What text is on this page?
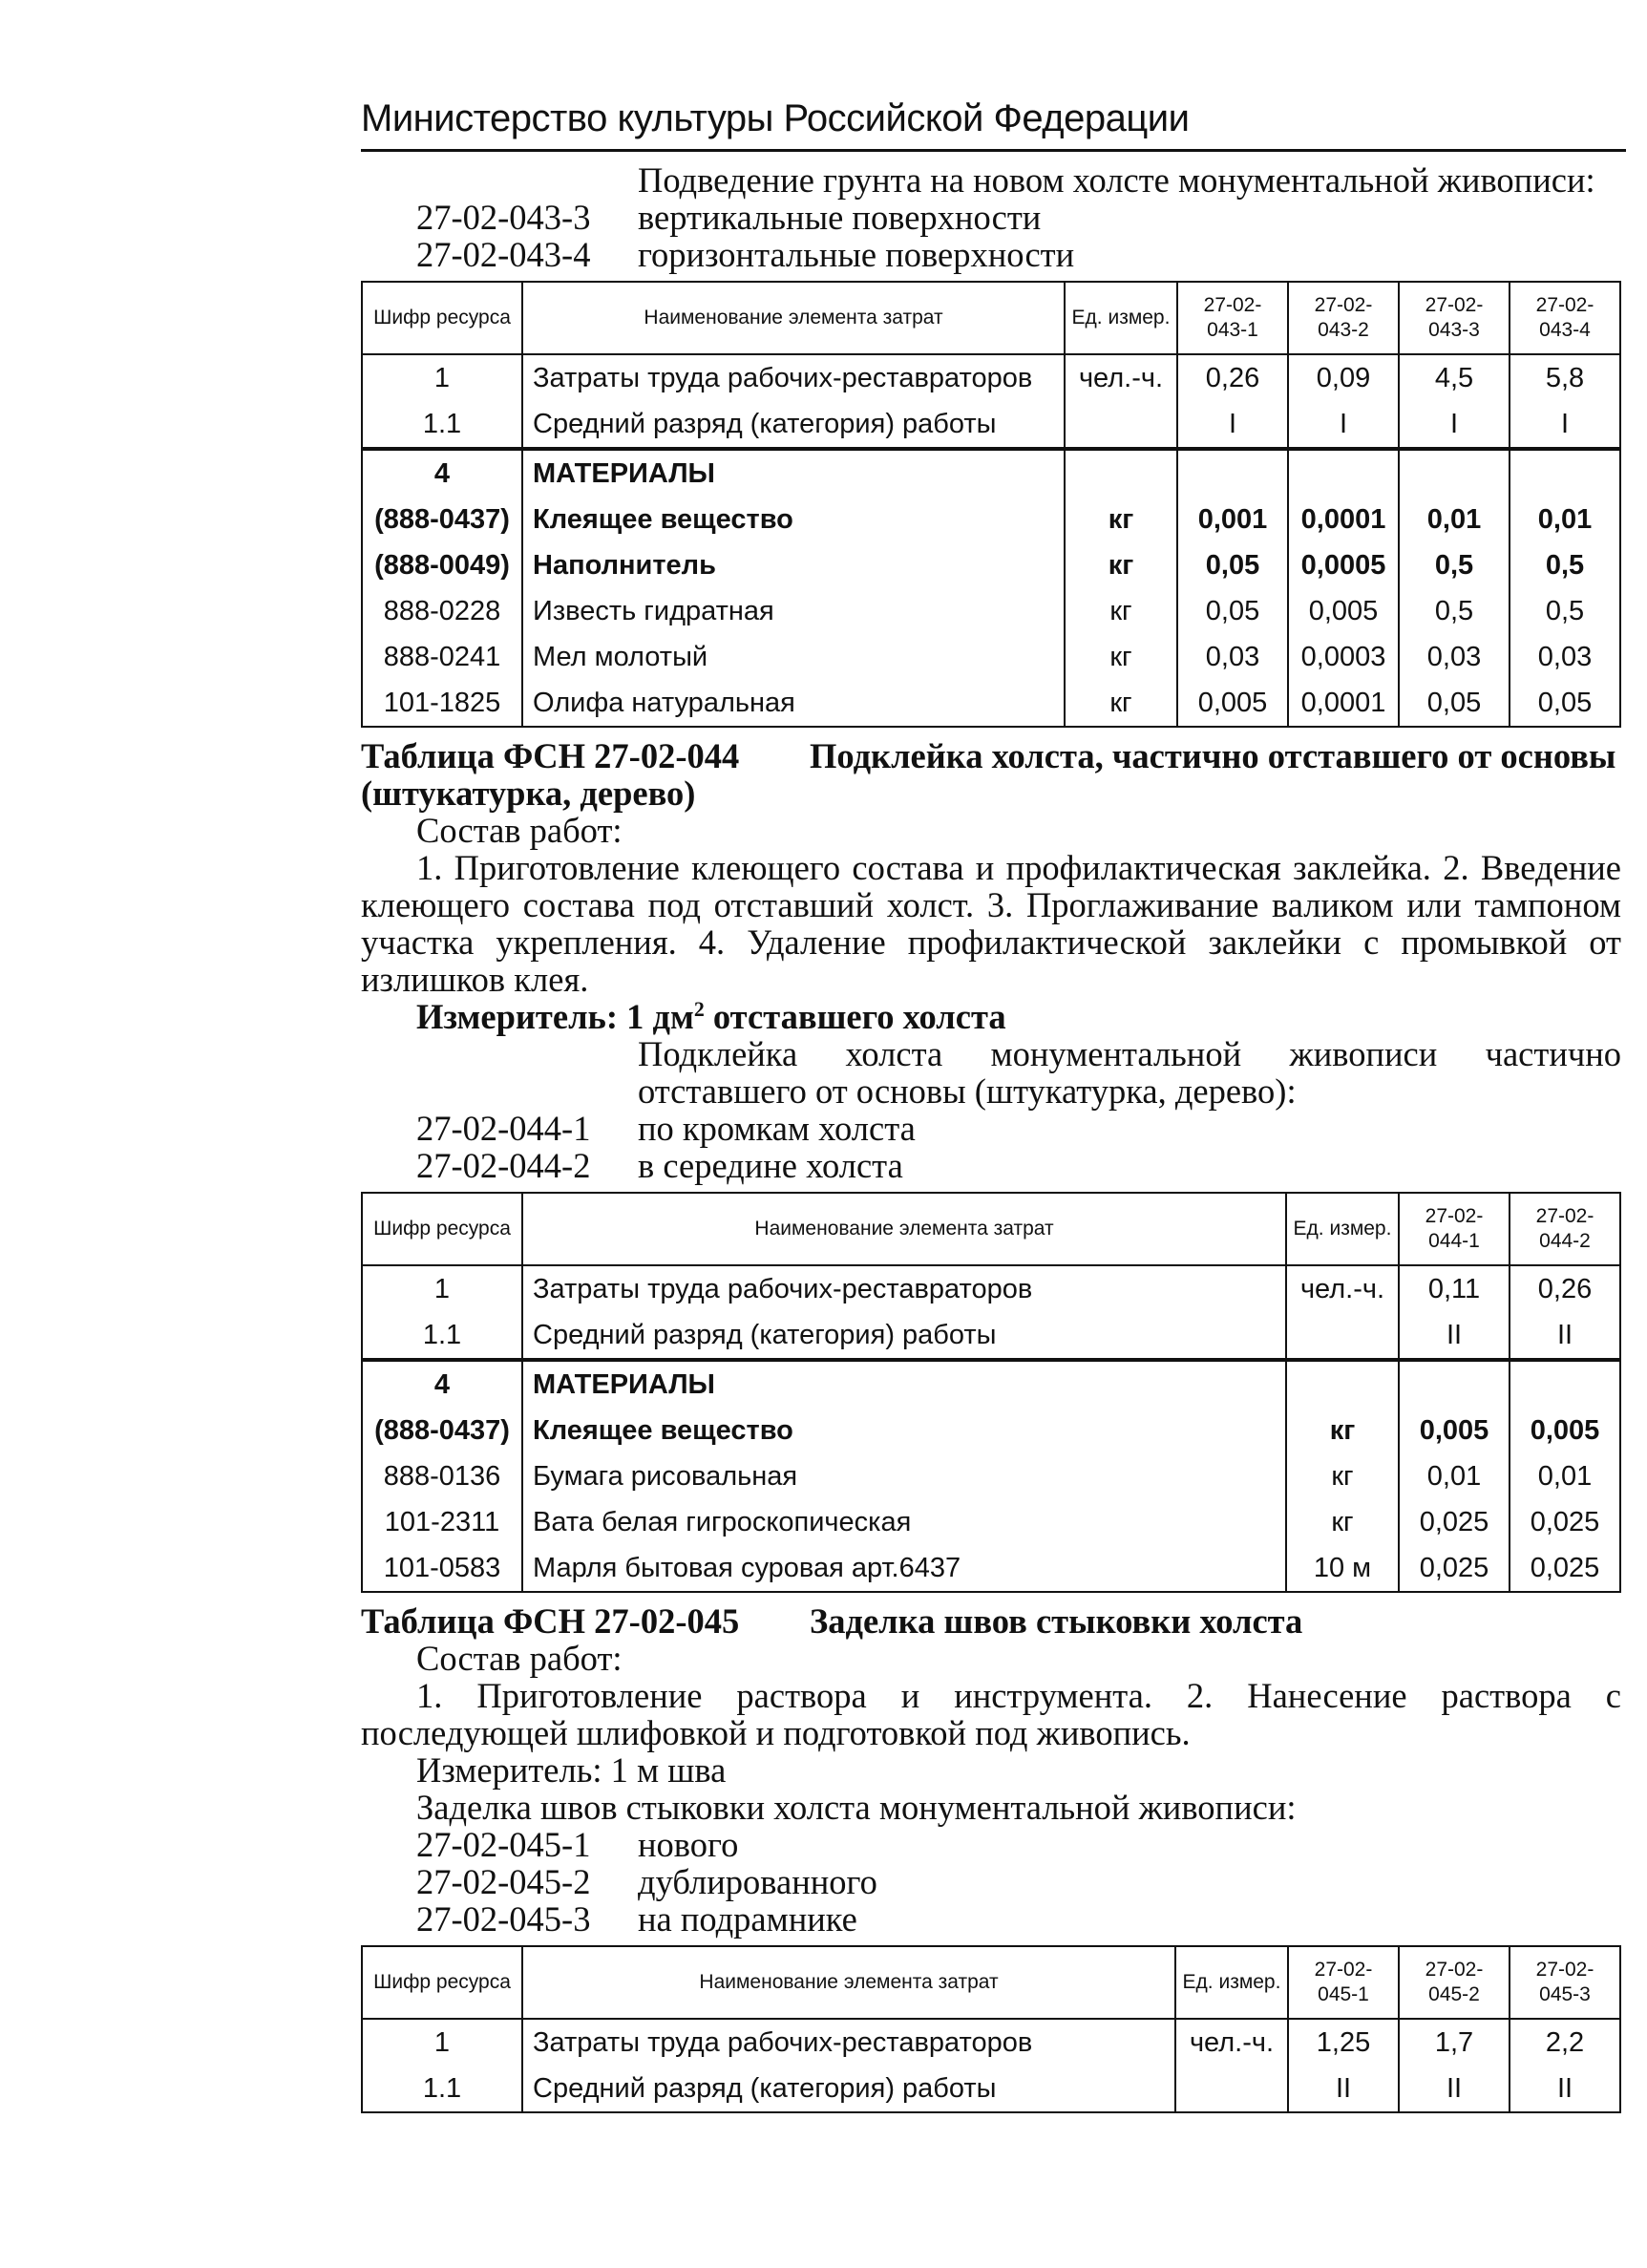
Министерство культуры Российской Федерации
Подведение грунта на новом холсте монументальной живописи:
27-02-043-3	вертикальные поверхности
27-02-043-4	горизонтальные поверхности
Шифр ресурса	Наименование элемента затрат	Ед. измер.	27-02-043-1	27-02-043-2	27-02-043-3	27-02-043-4
1	Затраты труда рабочих-реставраторов	чел.-ч.	0,26	0,09	4,5	5,8
1.1	Средний разряд (категория) работы		I	I	I	I
4	МАТЕРИАЛЫ					
(888-0437)	Клеящее вещество	кг	0,001	0,0001	0,01	0,01
(888-0049)	Наполнитель	кг	0,05	0,0005	0,5	0,5
888-0228	Известь гидратная	кг	0,05	0,005	0,5	0,5
888-0241	Мел молотый	кг	0,03	0,0003	0,03	0,03
101-1825	Олифа натуральная	кг	0,005	0,0001	0,05	0,05
Таблица ФСН 27-02-044	Подклейка холста, частично отставшего от основы
(штукатурка, дерево)
Состав работ:
1. Приготовление клеющего состава и профилактическая заклейка. 2. Введение клеющего состава под отставший холст. 3. Проглаживание валиком или тампоном участка укрепления. 4. Удаление профилактической заклейки с промывкой от излишков клея.
Измеритель: 1 $дм^2$ отставшего холста
Подклейка холста монументальной живописи частично отставшего от основы (штукатурка, дерево):
27-02-044-1	по кромкам холста
27-02-044-2	в середине холста
Шифр ресурса	Наименование элемента затрат	Ед. измер.	27-02-044-1	27-02-044-2
1	Затраты труда рабочих-реставраторов	чел.-ч.	0,11	0,26
1.1	Средний разряд (категория) работы		II	II
4	МАТЕРИАЛЫ			
(888-0437)	Клеящее вещество	кг	0,005	0,005
888-0136	Бумага рисовальная	кг	0,01	0,01
101-2311	Вата белая гигроскопическая	кг	0,025	0,025
101-0583	Марля бытовая суровая арт.6437	10 м	0,025	0,025
Таблица ФСН 27-02-045	Заделка швов стыковки холста
Состав работ:
1. Приготовление раствора и инструмента. 2. Нанесение раствора с последующей шлифовкой и подготовкой под живопись.
Измеритель: 1 м шва
Заделка швов стыковки холста монументальной живописи:
27-02-045-1	нового
27-02-045-2	дублированного
27-02-045-3	на подрамнике
Шифр ресурса	Наименование элемента затрат	Ед. измер.	27-02-045-1	27-02-045-2	27-02-045-3
1	Затраты труда рабочих-реставраторов	чел.-ч.	1,25	1,7	2,2
1.1	Средний разряд (категория) работы		II	II	II
